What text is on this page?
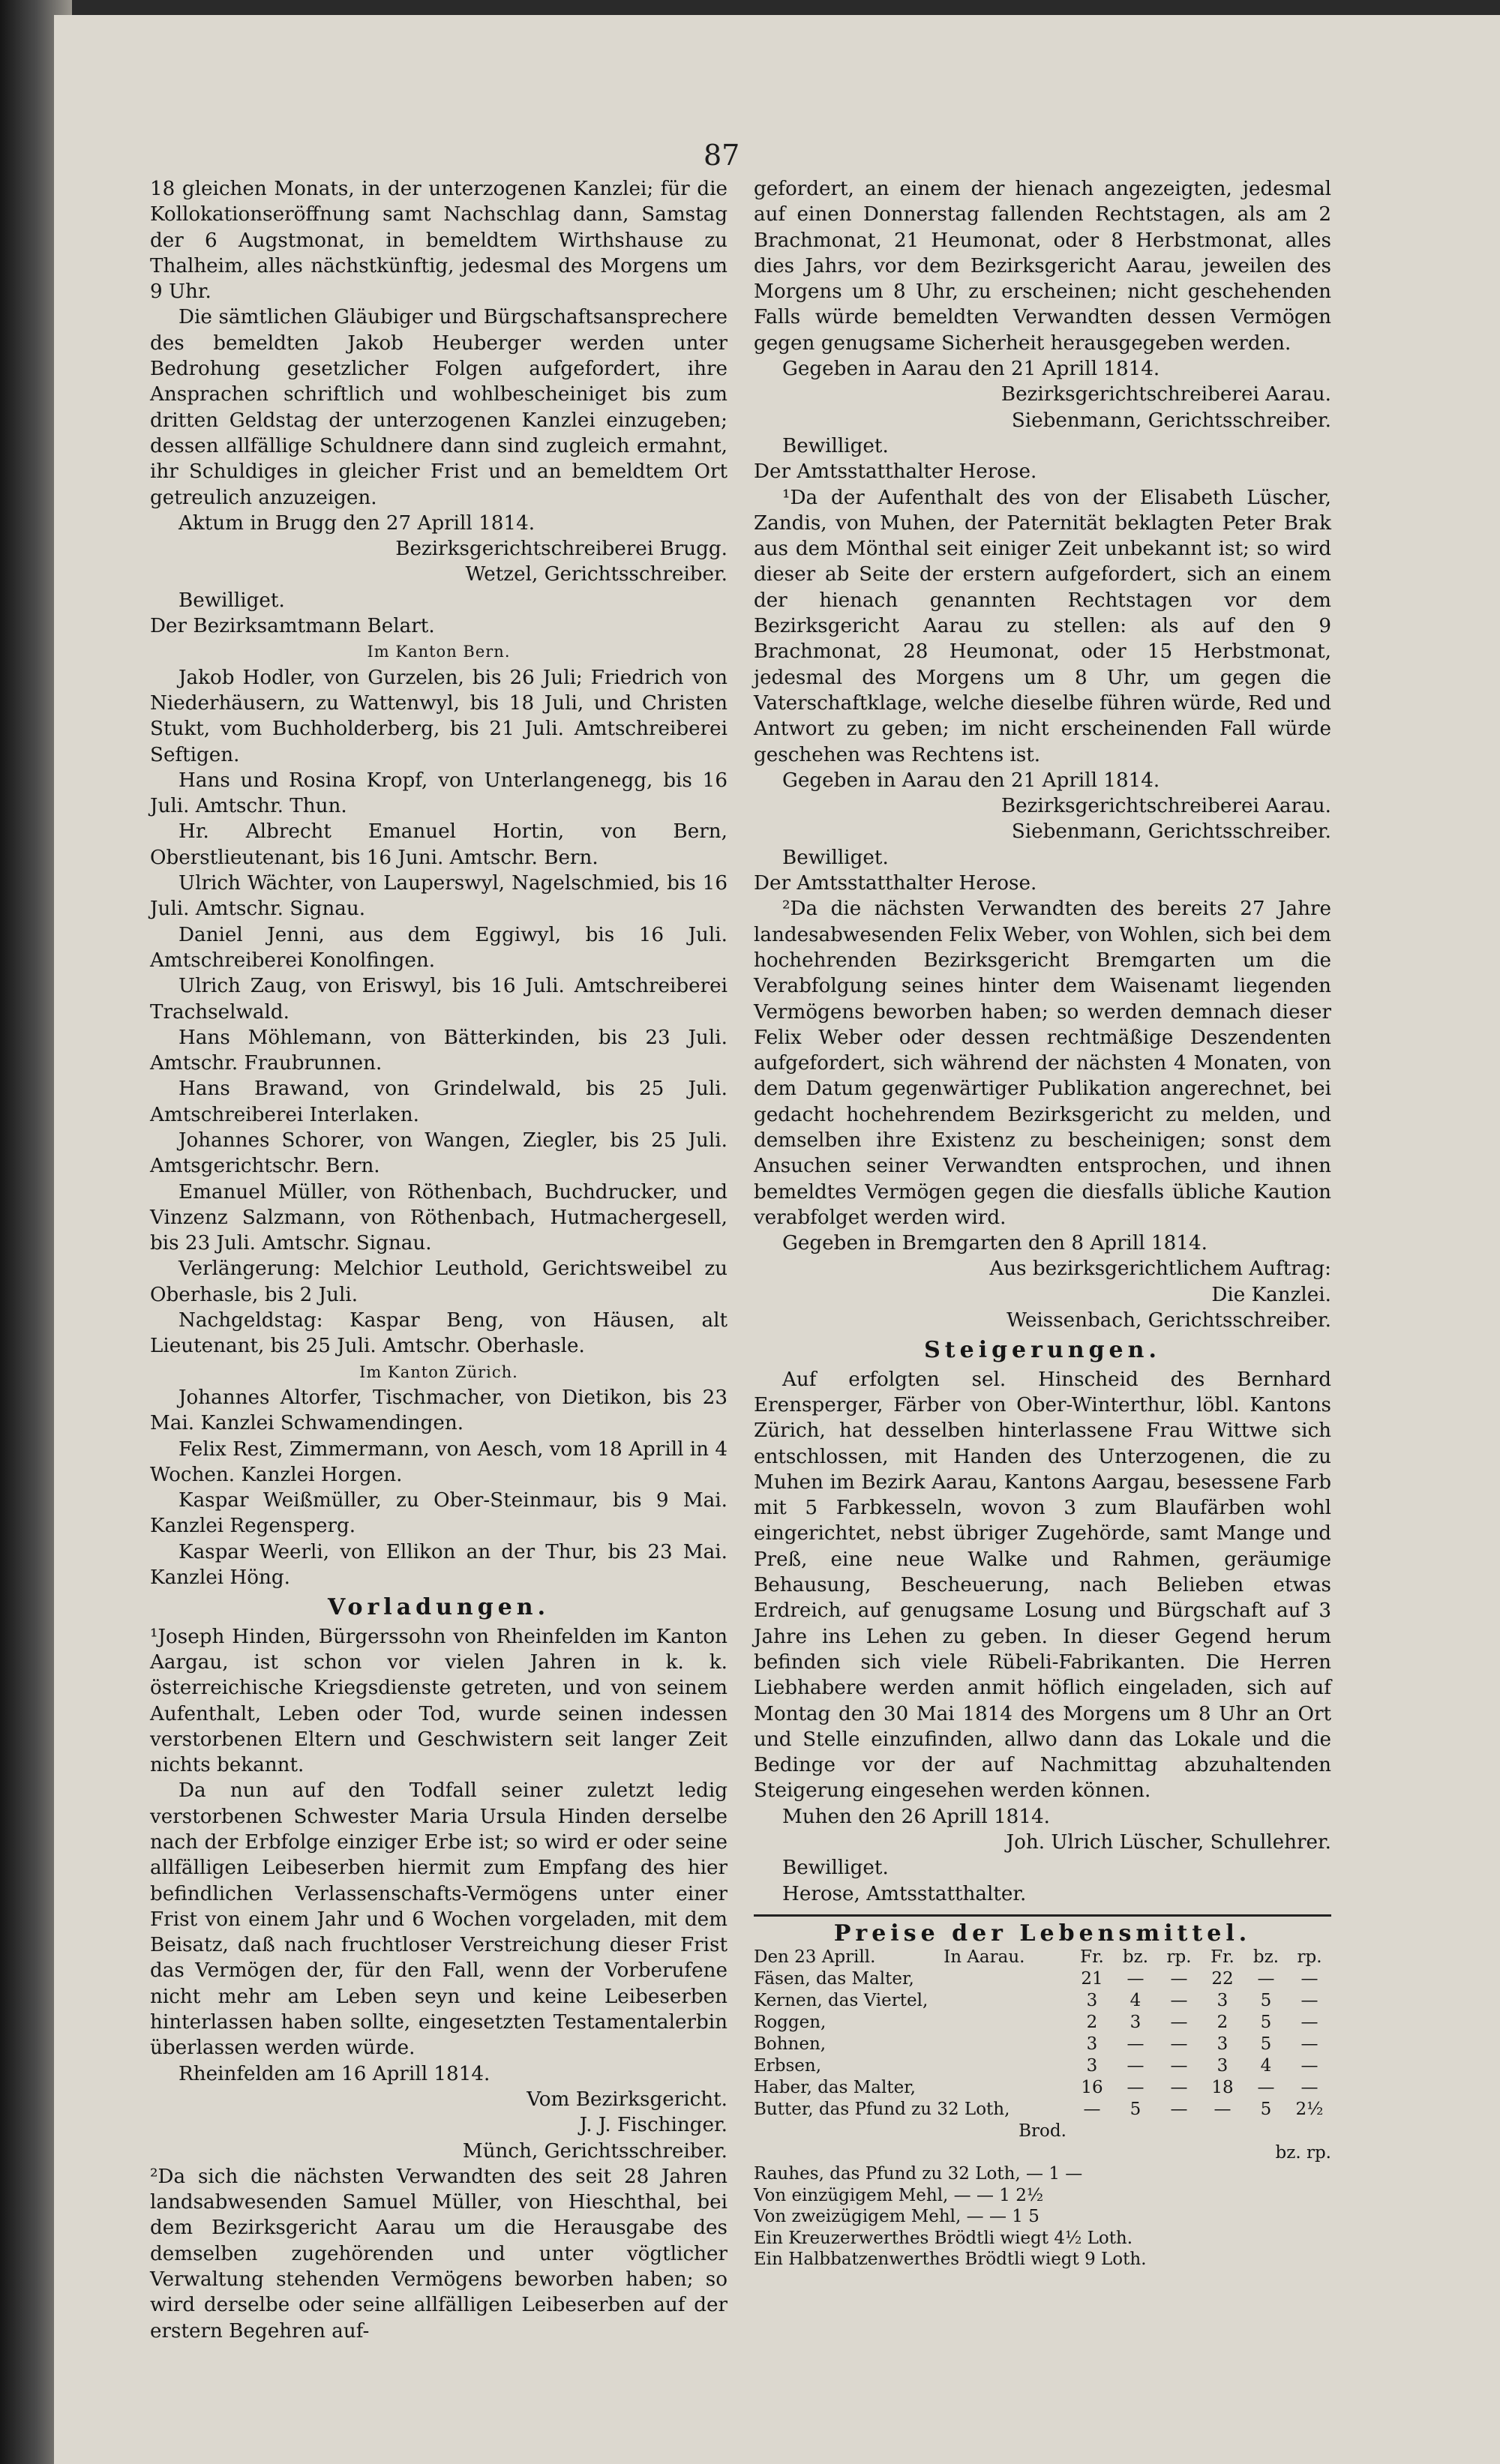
87

18 gleichen Monats, in der unterzogenen Kanzlei; für die Kollokationseröffnung samt Nachschlag dann, Samstag der 6 Augstmonat, in bemeldtem Wirthshause zu Thalheim, alles nächstkünftig, jedesmal des Morgens um 9 Uhr.

Die sämtlichen Gläubiger und Bürgschaftsansprechere des bemeldten Jakob Heuberger werden unter Bedrohung gesetzlicher Folgen aufgefordert, ihre Ansprachen schriftlich und wohlbescheiniget bis zum dritten Geldstag der unterzogenen Kanzlei einzugeben; dessen allfällige Schuldnere dann sind zugleich ermahnt, ihr Schuldiges in gleicher Frist und an bemeldtem Ort getreulich anzuzeigen.

Aktum in Brugg den 27 Aprill 1814.

Bezirksgerichtschreiberei Brugg.

Wetzel, Gerichtsschreiber.

Bewilliget.

Der Bezirksamtmann Belart.

Im Kanton Bern.

Jakob Hodler, von Gurzelen, bis 26 Juli; Friedrich von Niederhäusern, zu Wattenwyl, bis 18 Juli, und Christen Stukt, vom Buchholderberg, bis 21 Juli. Amtschreiberei Seftigen.

Hans und Rosina Kropf, von Unterlangenegg, bis 16 Juli. Amtschr. Thun.

Hr. Albrecht Emanuel Hortin, von Bern, Oberstlieutenant, bis 16 Juni. Amtschr. Bern.

Ulrich Wächter, von Lauperswyl, Nagelschmied, bis 16 Juli. Amtschr. Signau.

Daniel Jenni, aus dem Eggiwyl, bis 16 Juli. Amtschreiberei Konolfingen.

Ulrich Zaug, von Eriswyl, bis 16 Juli. Amtschreiberei Trachselwald.

Hans Möhlemann, von Bätterkinden, bis 23 Juli. Amtschr. Fraubrunnen.

Hans Brawand, von Grindelwald, bis 25 Juli. Amtschreiberei Interlaken.

Johannes Schorer, von Wangen, Ziegler, bis 25 Juli. Amtsgerichtschr. Bern.

Emanuel Müller, von Röthenbach, Buchdrucker, und Vinzenz Salzmann, von Röthenbach, Hutmachergesell, bis 23 Juli. Amtschr. Signau.

Verlängerung: Melchior Leuthold, Gerichtsweibel zu Oberhasle, bis 2 Juli.

Nachgeldstag: Kaspar Beng, von Häusen, alt Lieutenant, bis 25 Juli. Amtschr. Oberhasle.

Im Kanton Zürich.

Johannes Altorfer, Tischmacher, von Dietikon, bis 23 Mai. Kanzlei Schwamendingen.

Felix Rest, Zimmermann, von Aesch, vom 18 Aprill in 4 Wochen. Kanzlei Horgen.

Kaspar Weißmüller, zu Ober-Steinmaur, bis 9 Mai. Kanzlei Regensperg.

Kaspar Weerli, von Ellikon an der Thur, bis 23 Mai. Kanzlei Höng.

Vorladungen.

¹Joseph Hinden, Bürgerssohn von Rheinfelden im Kanton Aargau, ist schon vor vielen Jahren in k. k. österreichische Kriegsdienste getreten, und von seinem Aufenthalt, Leben oder Tod, wurde seinen indessen verstorbenen Eltern und Geschwistern seit langer Zeit nichts bekannt.

Da nun auf den Todfall seiner zuletzt ledig verstorbenen Schwester Maria Ursula Hinden derselbe nach der Erbfolge einziger Erbe ist; so wird er oder seine allfälligen Leibeserben hiermit zum Empfang des hier befindlichen Verlassenschafts-Vermögens unter einer Frist von einem Jahr und 6 Wochen vorgeladen, mit dem Beisatz, daß nach fruchtloser Verstreichung dieser Frist das Vermögen der, für den Fall, wenn der Vorberufene nicht mehr am Leben seyn und keine Leibeserben hinterlassen haben sollte, eingesetzten Testamentalerbin überlassen werden würde.

Rheinfelden am 16 Aprill 1814.

Vom Bezirksgericht.

J. J. Fischinger.

Münch, Gerichtsschreiber.

²Da sich die nächsten Verwandten des seit 28 Jahren landsabwesenden Samuel Müller, von Hieschthal, bei dem Bezirksgericht Aarau um die Herausgabe des demselben zugehörenden und unter vögtlicher Verwaltung stehenden Vermögens beworben haben; so wird derselbe oder seine allfälligen Leibeserben auf der erstern Begehren auf-

gefordert, an einem der hienach angezeigten, jedesmal auf einen Donnerstag fallenden Rechtstagen, als am 2 Brachmonat, 21 Heumonat, oder 8 Herbstmonat, alles dies Jahrs, vor dem Bezirksgericht Aarau, jeweilen des Morgens um 8 Uhr, zu erscheinen; nicht geschehenden Falls würde bemeldten Verwandten dessen Vermögen gegen genugsame Sicherheit herausgegeben werden.

Gegeben in Aarau den 21 Aprill 1814.

Bezirksgerichtschreiberei Aarau.

Siebenmann, Gerichtsschreiber.

Bewilliget.

Der Amtsstatthalter Herose.

¹Da der Aufenthalt des von der Elisabeth Lüscher, Zandis, von Muhen, der Paternität beklagten Peter Brak aus dem Mönthal seit einiger Zeit unbekannt ist; so wird dieser ab Seite der erstern aufgefordert, sich an einem der hienach genannten Rechtstagen vor dem Bezirksgericht Aarau zu stellen: als auf den 9 Brachmonat, 28 Heumonat, oder 15 Herbstmonat, jedesmal des Morgens um 8 Uhr, um gegen die Vaterschaftklage, welche dieselbe führen würde, Red und Antwort zu geben; im nicht erscheinenden Fall würde geschehen was Rechtens ist.

Gegeben in Aarau den 21 Aprill 1814.

Bezirksgerichtschreiberei Aarau.

Siebenmann, Gerichtsschreiber.

Bewilliget.

Der Amtsstatthalter Herose.

²Da die nächsten Verwandten des bereits 27 Jahre landesabwesenden Felix Weber, von Wohlen, sich bei dem hochehrenden Bezirksgericht Bremgarten um die Verabfolgung seines hinter dem Waisenamt liegenden Vermögens beworben haben; so werden demnach dieser Felix Weber oder dessen rechtmäßige Deszendenten aufgefordert, sich während der nächsten 4 Monaten, von dem Datum gegenwärtiger Publikation angerechnet, bei gedacht hochehrendem Bezirksgericht zu melden, und demselben ihre Existenz zu bescheinigen; sonst dem Ansuchen seiner Verwandten entsprochen, und ihnen bemeldtes Vermögen gegen die diesfalls übliche Kaution verabfolget werden wird.

Gegeben in Bremgarten den 8 Aprill 1814.

Aus bezirksgerichtlichem Auftrag:

Die Kanzlei.

Weissenbach, Gerichtsschreiber.

Steigerungen.

Auf erfolgten sel. Hinscheid des Bernhard Erensperger, Färber von Ober-Winterthur, löbl. Kantons Zürich, hat desselben hinterlassene Frau Wittwe sich entschlossen, mit Handen des Unterzogenen, die zu Muhen im Bezirk Aarau, Kantons Aargau, besessene Farb mit 5 Farbkesseln, wovon 3 zum Blaufärben wohl eingerichtet, nebst übriger Zugehörde, samt Mange und Preß, eine neue Walke und Rahmen, geräumige Behausung, Bescheuerung, nach Belieben etwas Erdreich, auf genugsame Losung und Bürgschaft auf 3 Jahre ins Lehen zu geben. In dieser Gegend herum befinden sich viele Rübeli-Fabrikanten. Die Herren Liebhabere werden anmit höflich eingeladen, sich auf Montag den 30 Mai 1814 des Morgens um 8 Uhr an Ort und Stelle einzufinden, allwo dann das Lokale und die Bedinge vor der auf Nachmittag abzuhaltenden Steigerung eingesehen werden können.

Muhen den 26 Aprill 1814.

Joh. Ulrich Lüscher, Schullehrer.

Bewilliget.

Herose, Amtsstatthalter.

Preise der Lebensmittel.

Den 23 Aprill.	In Aarau.	Fr.	bz.	rp.	Fr.	bz.	rp.
Fäsen, das Malter,		21	—	—	22	—	—
Kernen, das Viertel,		3	4	—	3	5	—
Roggen,		2	3	—	2	5	—
Bohnen,		3	—	—	3	5	—
Erbsen,		3	—	—	3	4	—
Haber, das Malter,		16	—	—	18	—	—
Butter, das Pfund zu 32 Loth,		—	5	—	—	5	2½

Brod.

bz. rp.

Rauhes, das Pfund zu 32 Loth, — 1 —

Von einzügigem Mehl, — — 1 2½

Von zweizügigem Mehl, — — 1 5

Ein Kreuzerwerthes Brödtli wiegt 4½ Loth.

Ein Halbbatzenwerthes Brödtli wiegt 9 Loth.
